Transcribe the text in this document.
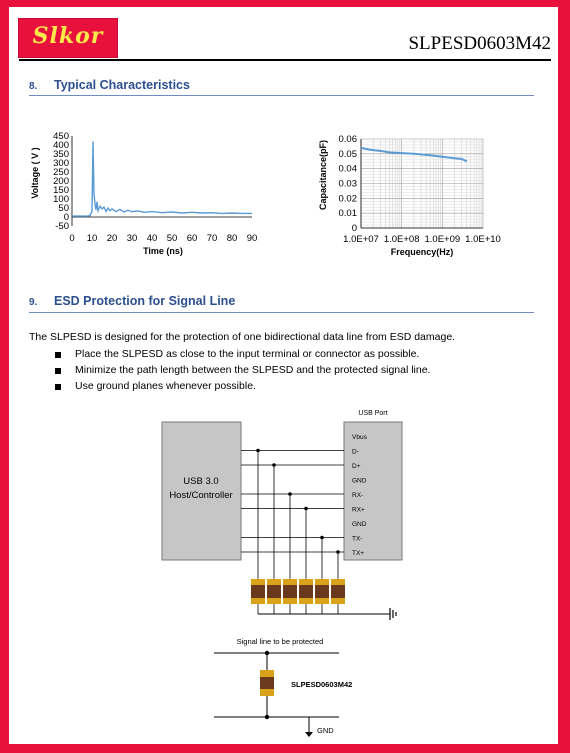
Slkor	SLPESD0603M42
8. Typical Characteristics
-50
0
50
100
150
200
250
300
350
400
450
0 10 20 30 40 50 60 70 80 90
Time (ns)
Voltage ( V )
0
0.01
0.02
0.03
0.04
0.05
0.06
1.0E+07 1.0E+08 1.0E+09 1.0E+10
Frequency(Hz)
Capacitance(pF)
9. ESD Protection for Signal Line
The SLPESD is designed for the protection of one bidirectional data line from ESD damage.
Place the SLPESD as close to the input terminal or connector as possible.
Minimize the path length between the SLPESD and the protected signal line.
Use ground planes whenever possible.
USB Port
USB 3.0
Host/Controller
Vbus
D-
D+
GND
RX-
RX+
GND
TX-
TX+
Signal line to be protected
SLPESD0603M42
GND
